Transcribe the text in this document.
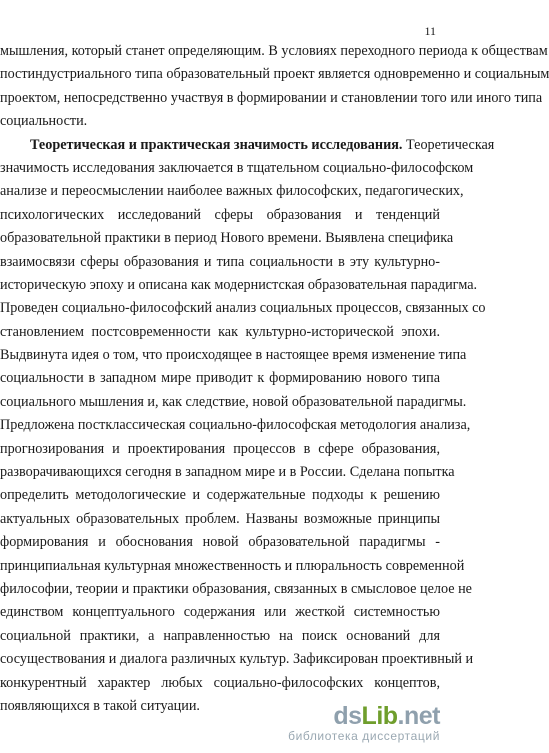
11
мышления, который станет определяющим. В условиях переходного периода к обществам
постиндустриального типа образовательный проект является одновременно и социальным
проектом, непосредственно участвуя в формировании и становлении того или иного типа
социальности.
Теоретическая и практическая значимость исследования. Теоретическая
значимость исследования заключается в тщательном социально-философском
анализе и переосмыслении наиболее важных философских, педагогических,
психологических исследований сферы образования и тенденций
образовательной практики в период Нового времени. Выявлена специфика
взаимосвязи сферы образования и типа социальности в эту культурно-
историческую эпоху и описана как модернистская образовательная парадигма.
Проведен социально-философский анализ социальных процессов, связанных со
становлением постсовременности как культурно-исторической эпохи.
Выдвинута идея о том, что происходящее в настоящее время изменение типа
социальности в западном мире приводит к формированию нового типа
социального мышления и, как следствие, новой образовательной парадигмы.
Предложена постклассическая социально-философская методология анализа,
прогнозирования и проектирования процессов в сфере образования,
разворачивающихся сегодня в западном мире и в России. Сделана попытка
определить методологические и содержательные подходы к решению
актуальных образовательных проблем. Названы возможные принципы
формирования и обоснования новой образовательной парадигмы -
принципиальная культурная множественность и плюральность современной
философии, теории и практики образования, связанных в смысловое целое не
единством концептуального содержания или жесткой системностью
социальной практики, а направленностью на поиск оснований для
сосуществования и диалога различных культур. Зафиксирован проективный и
конкурентный характер любых социально-философских концептов,
появляющихся в такой ситуации.	dsLib.net
библиотека диссертаций
